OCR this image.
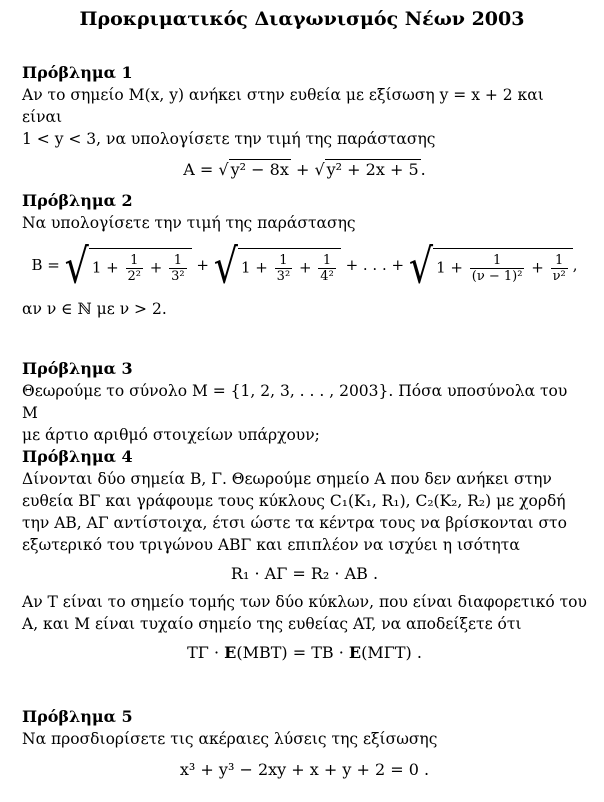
Προκριματικός Διαγωνισμός Νέων 2003
Πρόβλημα 1
Αν το σημείο M(x, y) ανήκει στην ευθεία με εξίσωση y = x + 2 και είναι
1 < y < 3, να υπολογίσετε την τιμή της παράστασης
A = √ y² − 8x + √ y² + 2x + 5 .
Πρόβλημα 2
Να υπολογίσετε την τιμή της παράστασης
B = √ $1 + \frac{1}{\text{2²}} + \frac{1}{\text{3²}}$ + √ $1 + \frac{1}{\text{3²}} + \frac{1}{\text{4²}}$ + . . . + √ $1 + \frac{1}{\text{(ν − 1)²}} + \frac{1}{\text{ν²}}$ ,
αν ν ∈ ℕ με ν > 2.
Πρόβλημα 3
Θεωρούμε το σύνολο M = {1, 2, 3, . . . , 2003}. Πόσα υποσύνολα του M
με άρτιο αριθμό στοιχείων υπάρχουν;
Πρόβλημα 4
Δίνονται δύο σημεία B, Γ. Θεωρούμε σημείο A που δεν ανήκει στην
ευθεία BΓ και γράφουμε τους κύκλους C₁(K₁, R₁), C₂(K₂, R₂) με χορδή
την AB, AΓ αντίστοιχα, έτσι ώστε τα κέντρα τους να βρίσκονται στο
εξωτερικό του τριγώνου ABΓ και επιπλέον να ισχύει η ισότητα
R₁ · AΓ = R₂ · AB .
Αν T είναι το σημείο τομής των δύο κύκλων, που είναι διαφορετικό του
A, και M είναι τυχαίο σημείο της ευθείας AT, να αποδείξετε ότι
TΓ · E(MBT) = TB · E(MΓT) .
Πρόβλημα 5
Να προσδιορίσετε τις ακέραιες λύσεις της εξίσωσης
x³ + y³ − 2xy + x + y + 2 = 0 .
